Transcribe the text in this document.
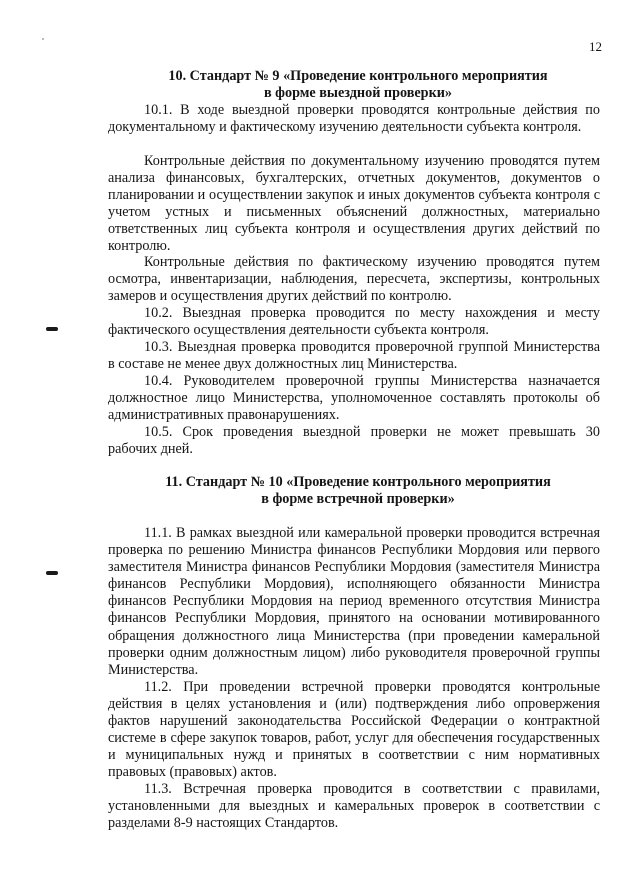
12
10. Стандарт № 9 «Проведение контрольного мероприятия
в форме выездной проверки»

10.1. В ходе выездной проверки проводятся контрольные действия по документальному и фактическому изучению деятельности субъекта контроля.

Контрольные действия по документальному изучению проводятся путем анализа финансовых, бухгалтерских, отчетных документов, документов о планировании и осуществлении закупок и иных документов субъекта контроля с учетом устных и письменных объяснений должностных, материально ответственных лиц субъекта контроля и осуществления других действий по контролю.

Контрольные действия по фактическому изучению проводятся путем осмотра, инвентаризации, наблюдения, пересчета, экспертизы, контрольных замеров и осуществления других действий по контролю.

10.2. Выездная проверка проводится по месту нахождения и месту фактического осуществления деятельности субъекта контроля.

10.3. Выездная проверка проводится проверочной группой Министерства в составе не менее двух должностных лиц Министерства.

10.4. Руководителем проверочной группы Министерства назначается должностное лицо Министерства, уполномоченное составлять протоколы об административных правонарушениях.

10.5. Срок проведения выездной проверки не может превышать 30 рабочих дней.

11. Стандарт № 10 «Проведение контрольного мероприятия
в форме встречной проверки»

11.1. В рамках выездной или камеральной проверки проводится встречная проверка по решению Министра финансов Республики Мордовия или первого заместителя Министра финансов Республики Мордовия (заместителя Министра финансов Республики Мордовия), исполняющего обязанности Министра финансов Республики Мордовия на период временного отсутствия Министра финансов Республики Мордовия, принятого на основании мотивированного обращения должностного лица Министерства (при проведении камеральной проверки одним должностным лицом) либо руководителя проверочной группы Министерства.

11.2. При проведении встречной проверки проводятся контрольные действия в целях установления и (или) подтверждения либо опровержения фактов нарушений законодательства Российской Федерации о контрактной системе в сфере закупок товаров, работ, услуг для обеспечения государственных и муниципальных нужд и принятых в соответствии с ним нормативных правовых (правовых) актов.

11.3. Встречная проверка проводится в соответствии с правилами, установленными для выездных и камеральных проверок в соответствии с разделами 8-9 настоящих Стандартов.
